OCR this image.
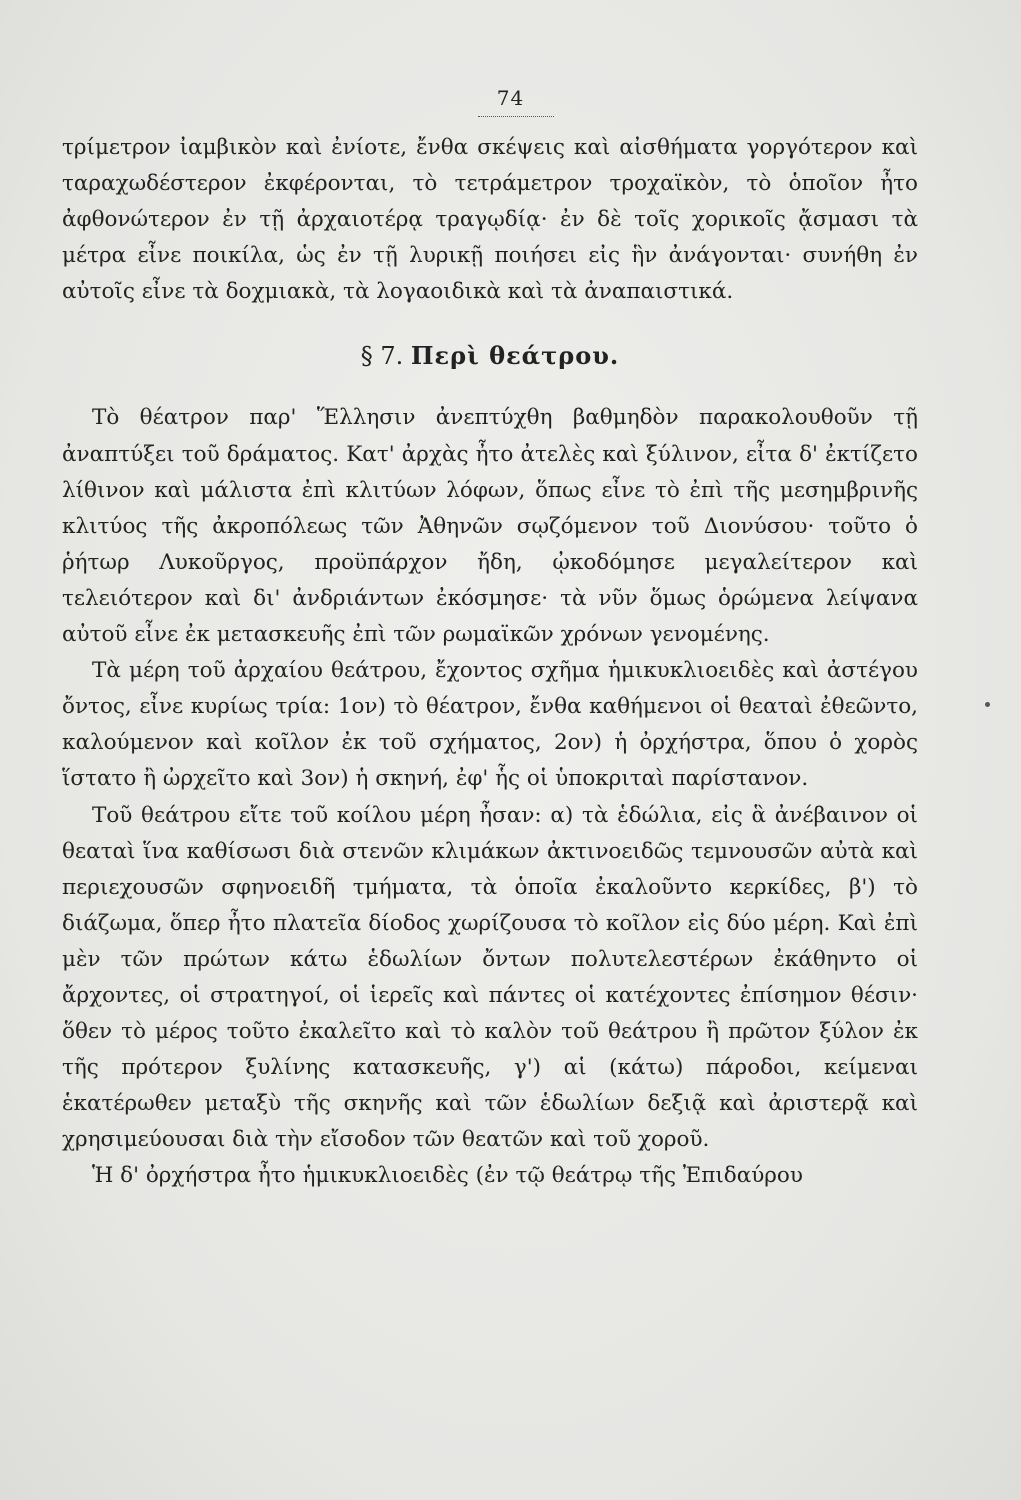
74

τρίμετρον ἰαμβικὸν καὶ ἐνίοτε, ἔνθα σκέψεις καὶ αἰσθήματα γοργότερον καὶ ταραχωδέστερον ἐκφέρονται, τὸ τετράμετρον τροχαϊκὸν, τὸ ὁποῖον ἦτο ἀφθονώτερον ἐν τῇ ἀρχαιοτέρᾳ τραγῳδίᾳ· ἐν δὲ τοῖς χορικοῖς ᾄσμασι τὰ μέτρα εἶνε ποικίλα, ὡς ἐν τῇ λυρικῇ ποιήσει εἰς ἣν ἀνάγονται· συνήθη ἐν αὐτοῖς εἶνε τὰ δοχμιακὰ, τὰ λογαοιδικὰ καὶ τὰ ἀναπαιστικά.

§ 7. Περὶ θεάτρου.

Τὸ θέατρον παρ' Ἕλλησιν ἀνεπτύχθη βαθμηδὸν παρακολουθοῦν τῇ ἀναπτύξει τοῦ δράματος. Κατ' ἀρχὰς ἦτο ἀτελὲς καὶ ξύλινον, εἶτα δ' ἐκτίζετο λίθινον καὶ μάλιστα ἐπὶ κλιτύων λόφων, ὅπως εἶνε τὸ ἐπὶ τῆς μεσημβρινῆς κλιτύος τῆς ἀκροπόλεως τῶν Ἀθηνῶν σῳζόμενον τοῦ Διονύσου· τοῦτο ὁ ῥήτωρ Λυκοῦργος, προϋπάρχον ἤδη, ᾠκοδόμησε μεγαλείτερον καὶ τελειότερον καὶ δι' ἀνδριάντων ἐκόσμησε· τὰ νῦν ὅμως ὁρώμενα λείψανα αὐτοῦ εἶνε ἐκ μετασκευῆς ἐπὶ τῶν ρωμαϊκῶν χρόνων γενομένης.

Τὰ μέρη τοῦ ἀρχαίου θεάτρου, ἔχοντος σχῆμα ἡμικυκλιοειδὲς καὶ ἀστέγου ὄντος, εἶνε κυρίως τρία: 1ον) τὸ θέατρον, ἔνθα καθήμενοι οἱ θεαταὶ ἐθεῶντο, καλούμενον καὶ κοῖλον ἐκ τοῦ σχήματος, 2ον) ἡ ὀρχήστρα, ὅπου ὁ χορὸς ἵστατο ἢ ὠρχεῖτο καὶ 3ον) ἡ σκηνή, ἐφ' ἧς οἱ ὑποκριταὶ παρίστανον.

Τοῦ θεάτρου εἴτε τοῦ κοίλου μέρη ἦσαν: α) τὰ ἑδώλια, εἰς ἃ ἀνέβαινον οἱ θεαταὶ ἵνα καθίσωσι διὰ στενῶν κλιμάκων ἀκτινοειδῶς τεμνουσῶν αὐτὰ καὶ περιεχουσῶν σφηνοειδῆ τμήματα, τὰ ὁποῖα ἐκαλοῦντο κερκίδες, β') τὸ διάζωμα, ὅπερ ἦτο πλατεῖα δίοδος χωρίζουσα τὸ κοῖλον εἰς δύο μέρη. Καὶ ἐπὶ μὲν τῶν πρώτων κάτω ἑδωλίων ὄντων πολυτελεστέρων ἐκάθηντο οἱ ἄρχοντες, οἱ στρατηγοί, οἱ ἱερεῖς καὶ πάντες οἱ κατέχοντες ἐπίσημον θέσιν· ὅθεν τὸ μέρος τοῦτο ἐκαλεῖτο καὶ τὸ καλὸν τοῦ θεάτρου ἢ πρῶτον ξύλον ἐκ τῆς πρότερον ξυλίνης κατασκευῆς, γ') αἱ (κάτω) πάροδοι, κείμεναι ἑκατέρωθεν μεταξὺ τῆς σκηνῆς καὶ τῶν ἑδωλίων δεξιᾷ καὶ ἀριστερᾷ καὶ χρησιμεύουσαι διὰ τὴν εἴσοδον τῶν θεατῶν καὶ τοῦ χοροῦ.

Ἡ δ' ὀρχήστρα ἦτο ἡμικυκλιοειδὲς (ἐν τῷ θεάτρῳ τῆς Ἐπιδαύρου
